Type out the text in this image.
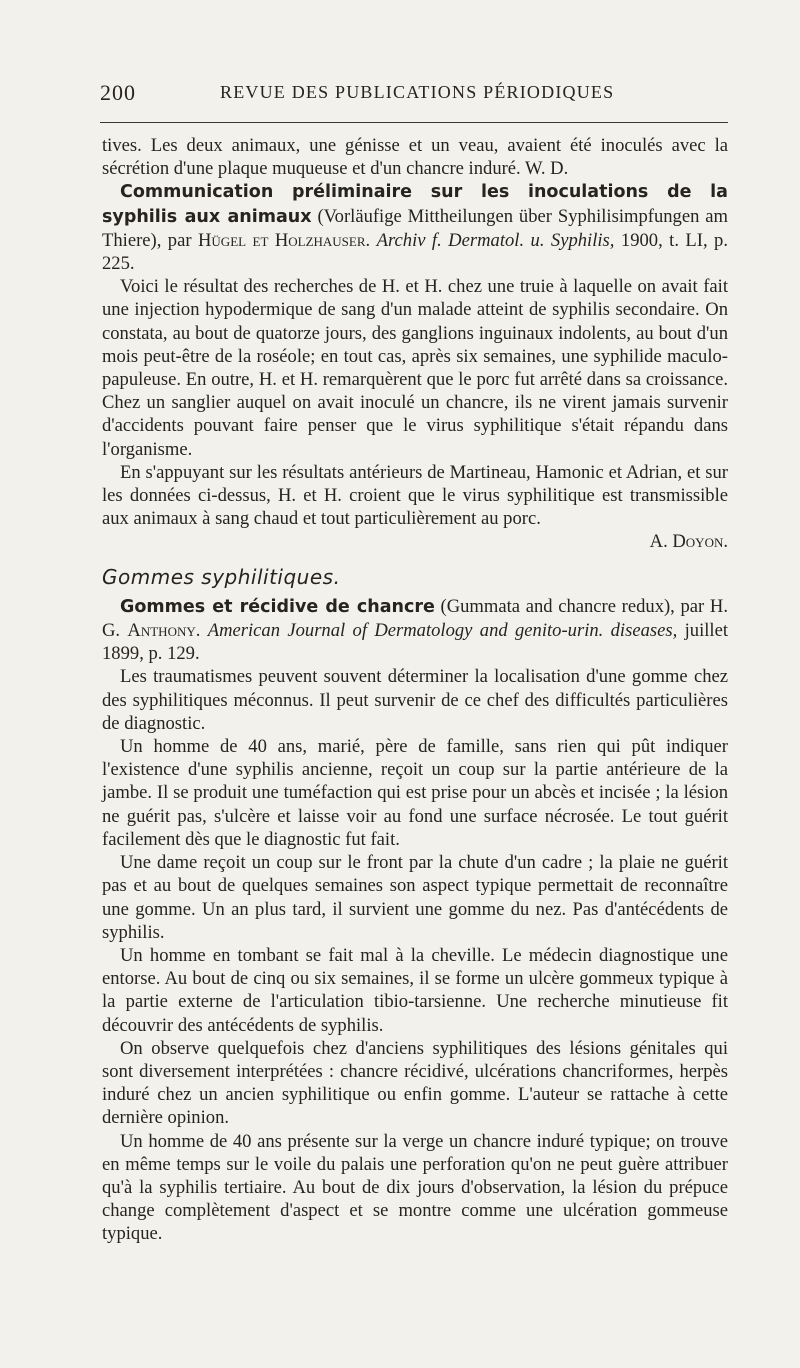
200	REVUE DES PUBLICATIONS PÉRIODIQUES

tives. Les deux animaux, une génisse et un veau, avaient été inoculés avec la sécrétion d'une plaque muqueuse et d'un chancre induré. W. D.

Communication préliminaire sur les inoculations de la syphilis aux animaux (Vorläufige Mittheilungen über Syphilisimpfungen am Thiere), par Hügel et Holzhauser. Archiv f. Dermatol. u. Syphilis, 1900, t. LI, p. 225.

Voici le résultat des recherches de H. et H. chez une truie à laquelle on avait fait une injection hypodermique de sang d'un malade atteint de syphilis secondaire. On constata, au bout de quatorze jours, des ganglions inguinaux indolents, au bout d'un mois peut-être de la roséole; en tout cas, après six semaines, une syphilide maculo-papuleuse. En outre, H. et H. remarquèrent que le porc fut arrêté dans sa croissance. Chez un sanglier auquel on avait inoculé un chancre, ils ne virent jamais survenir d'accidents pouvant faire penser que le virus syphilitique s'était répandu dans l'organisme.

En s'appuyant sur les résultats antérieurs de Martineau, Hamonic et Adrian, et sur les données ci-dessus, H. et H. croient que le virus syphilitique est transmissible aux animaux à sang chaud et tout particulièrement au porc.

A. Doyon.

Gommes syphilitiques.

Gommes et récidive de chancre (Gummata and chancre redux), par H. G. Anthony. American Journal of Dermatology and genito-urin. diseases, juillet 1899, p. 129.

Les traumatismes peuvent souvent déterminer la localisation d'une gomme chez des syphilitiques méconnus. Il peut survenir de ce chef des difficultés particulières de diagnostic.

Un homme de 40 ans, marié, père de famille, sans rien qui pût indiquer l'existence d'une syphilis ancienne, reçoit un coup sur la partie antérieure de la jambe. Il se produit une tuméfaction qui est prise pour un abcès et incisée ; la lésion ne guérit pas, s'ulcère et laisse voir au fond une surface nécrosée. Le tout guérit facilement dès que le diagnostic fut fait.

Une dame reçoit un coup sur le front par la chute d'un cadre ; la plaie ne guérit pas et au bout de quelques semaines son aspect typique permettait de reconnaître une gomme. Un an plus tard, il survient une gomme du nez. Pas d'antécédents de syphilis.

Un homme en tombant se fait mal à la cheville. Le médecin diagnostique une entorse. Au bout de cinq ou six semaines, il se forme un ulcère gommeux typique à la partie externe de l'articulation tibio-tarsienne. Une recherche minutieuse fit découvrir des antécédents de syphilis.

On observe quelquefois chez d'anciens syphilitiques des lésions génitales qui sont diversement interprétées : chancre récidivé, ulcérations chancriformes, herpès induré chez un ancien syphilitique ou enfin gomme. L'auteur se rattache à cette dernière opinion.

Un homme de 40 ans présente sur la verge un chancre induré typique; on trouve en même temps sur le voile du palais une perforation qu'on ne peut guère attribuer qu'à la syphilis tertiaire. Au bout de dix jours d'observation, la lésion du prépuce change complètement d'aspect et se montre comme une ulcération gommeuse typique.
